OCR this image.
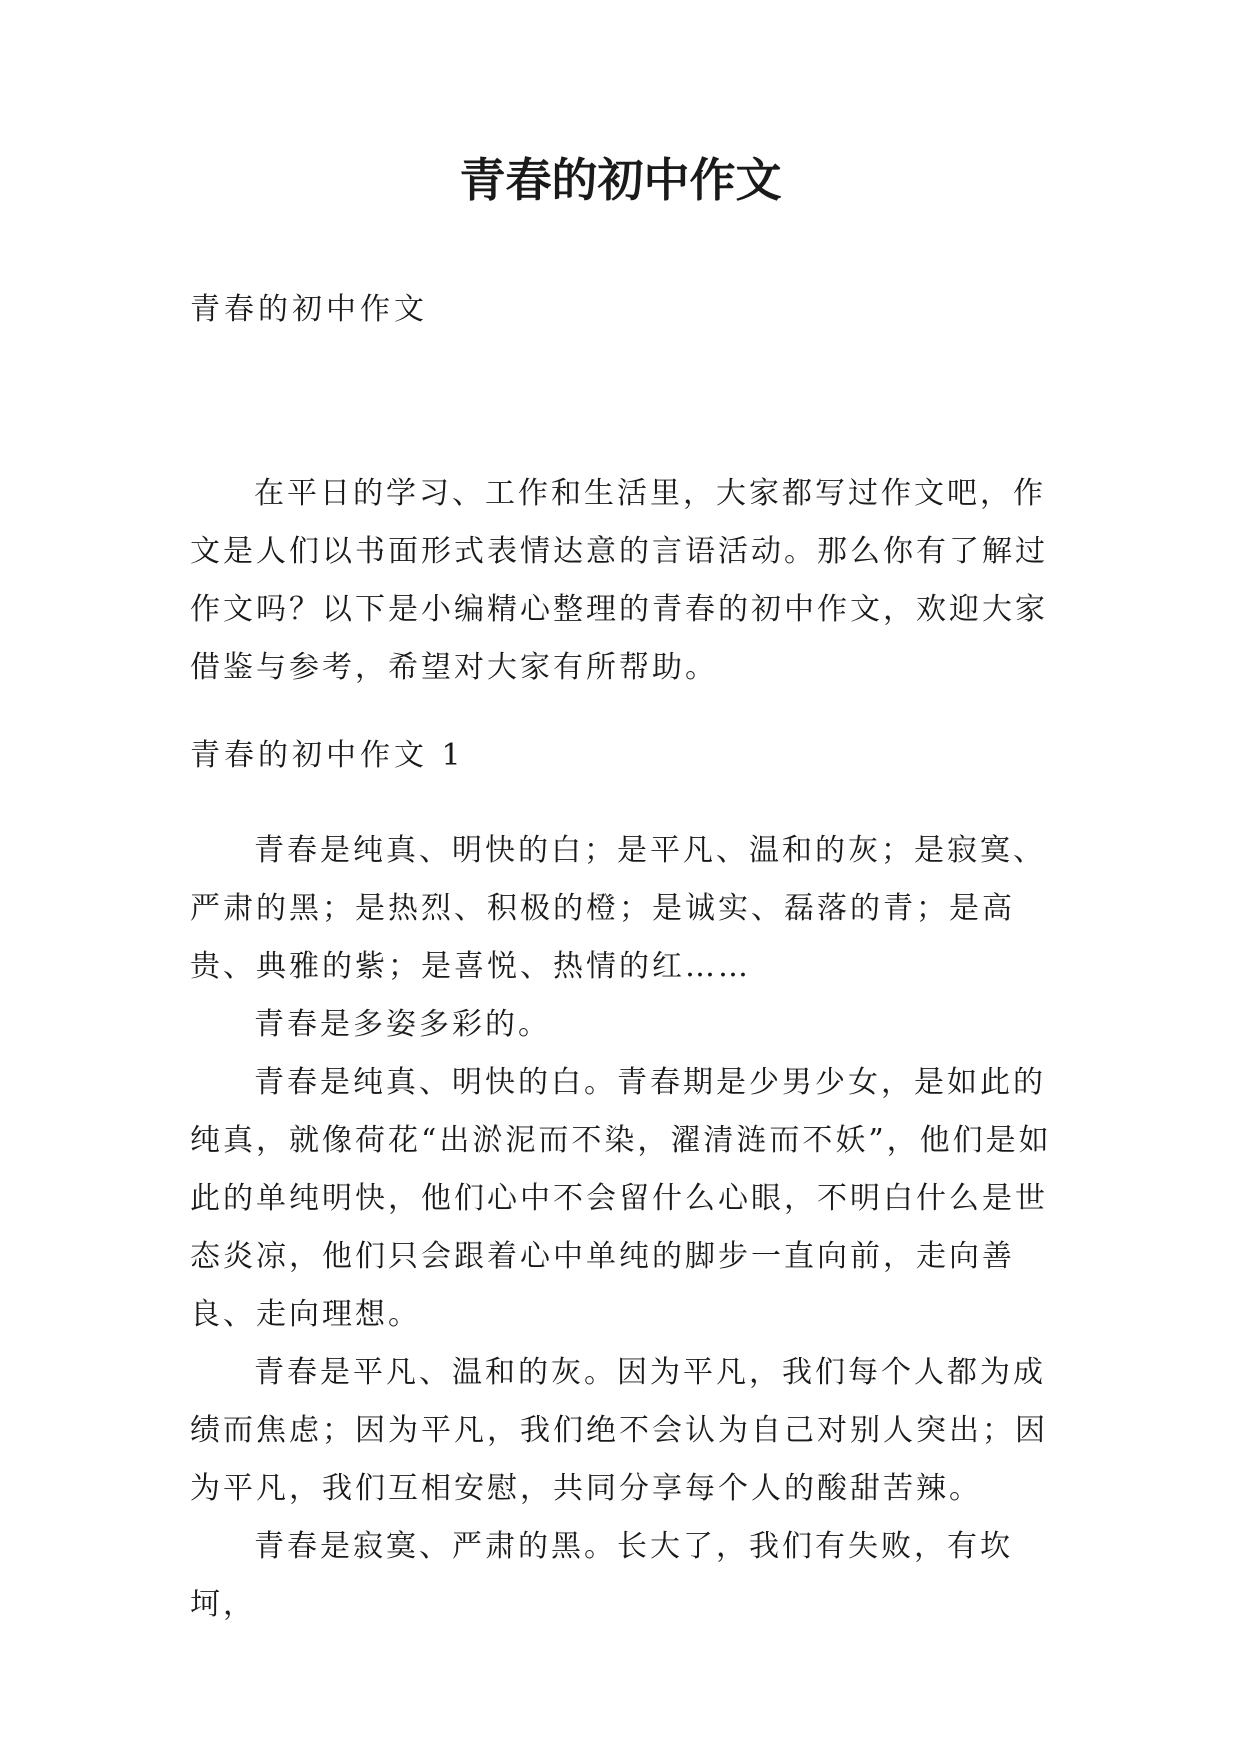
青春的初中作文
青春的初中作文

在平日的学习、工作和生活里，大家都写过作文吧，作文是人们以书面形式表情达意的言语活动。那么你有了解过作文吗？以下是小编精心整理的青春的初中作文，欢迎大家借鉴与参考，希望对大家有所帮助。

青春的初中作文 1

青春是纯真、明快的白；是平凡、温和的灰；是寂寞、严肃的黑；是热烈、积极的橙；是诚实、磊落的青；是高贵、典雅的紫；是喜悦、热情的红……

青春是多姿多彩的。

青春是纯真、明快的白。青春期是少男少女，是如此的纯真，就像荷花“出淤泥而不染，濯清涟而不妖”，他们是如此的单纯明快，他们心中不会留什么心眼，不明白什么是世态炎凉，他们只会跟着心中单纯的脚步一直向前，走向善良、走向理想。

青春是平凡、温和的灰。因为平凡，我们每个人都为成绩而焦虑；因为平凡，我们绝不会认为自己对别人突出；因为平凡，我们互相安慰，共同分享每个人的酸甜苦辣。

青春是寂寞、严肃的黑。长大了，我们有失败，有坎坷，
